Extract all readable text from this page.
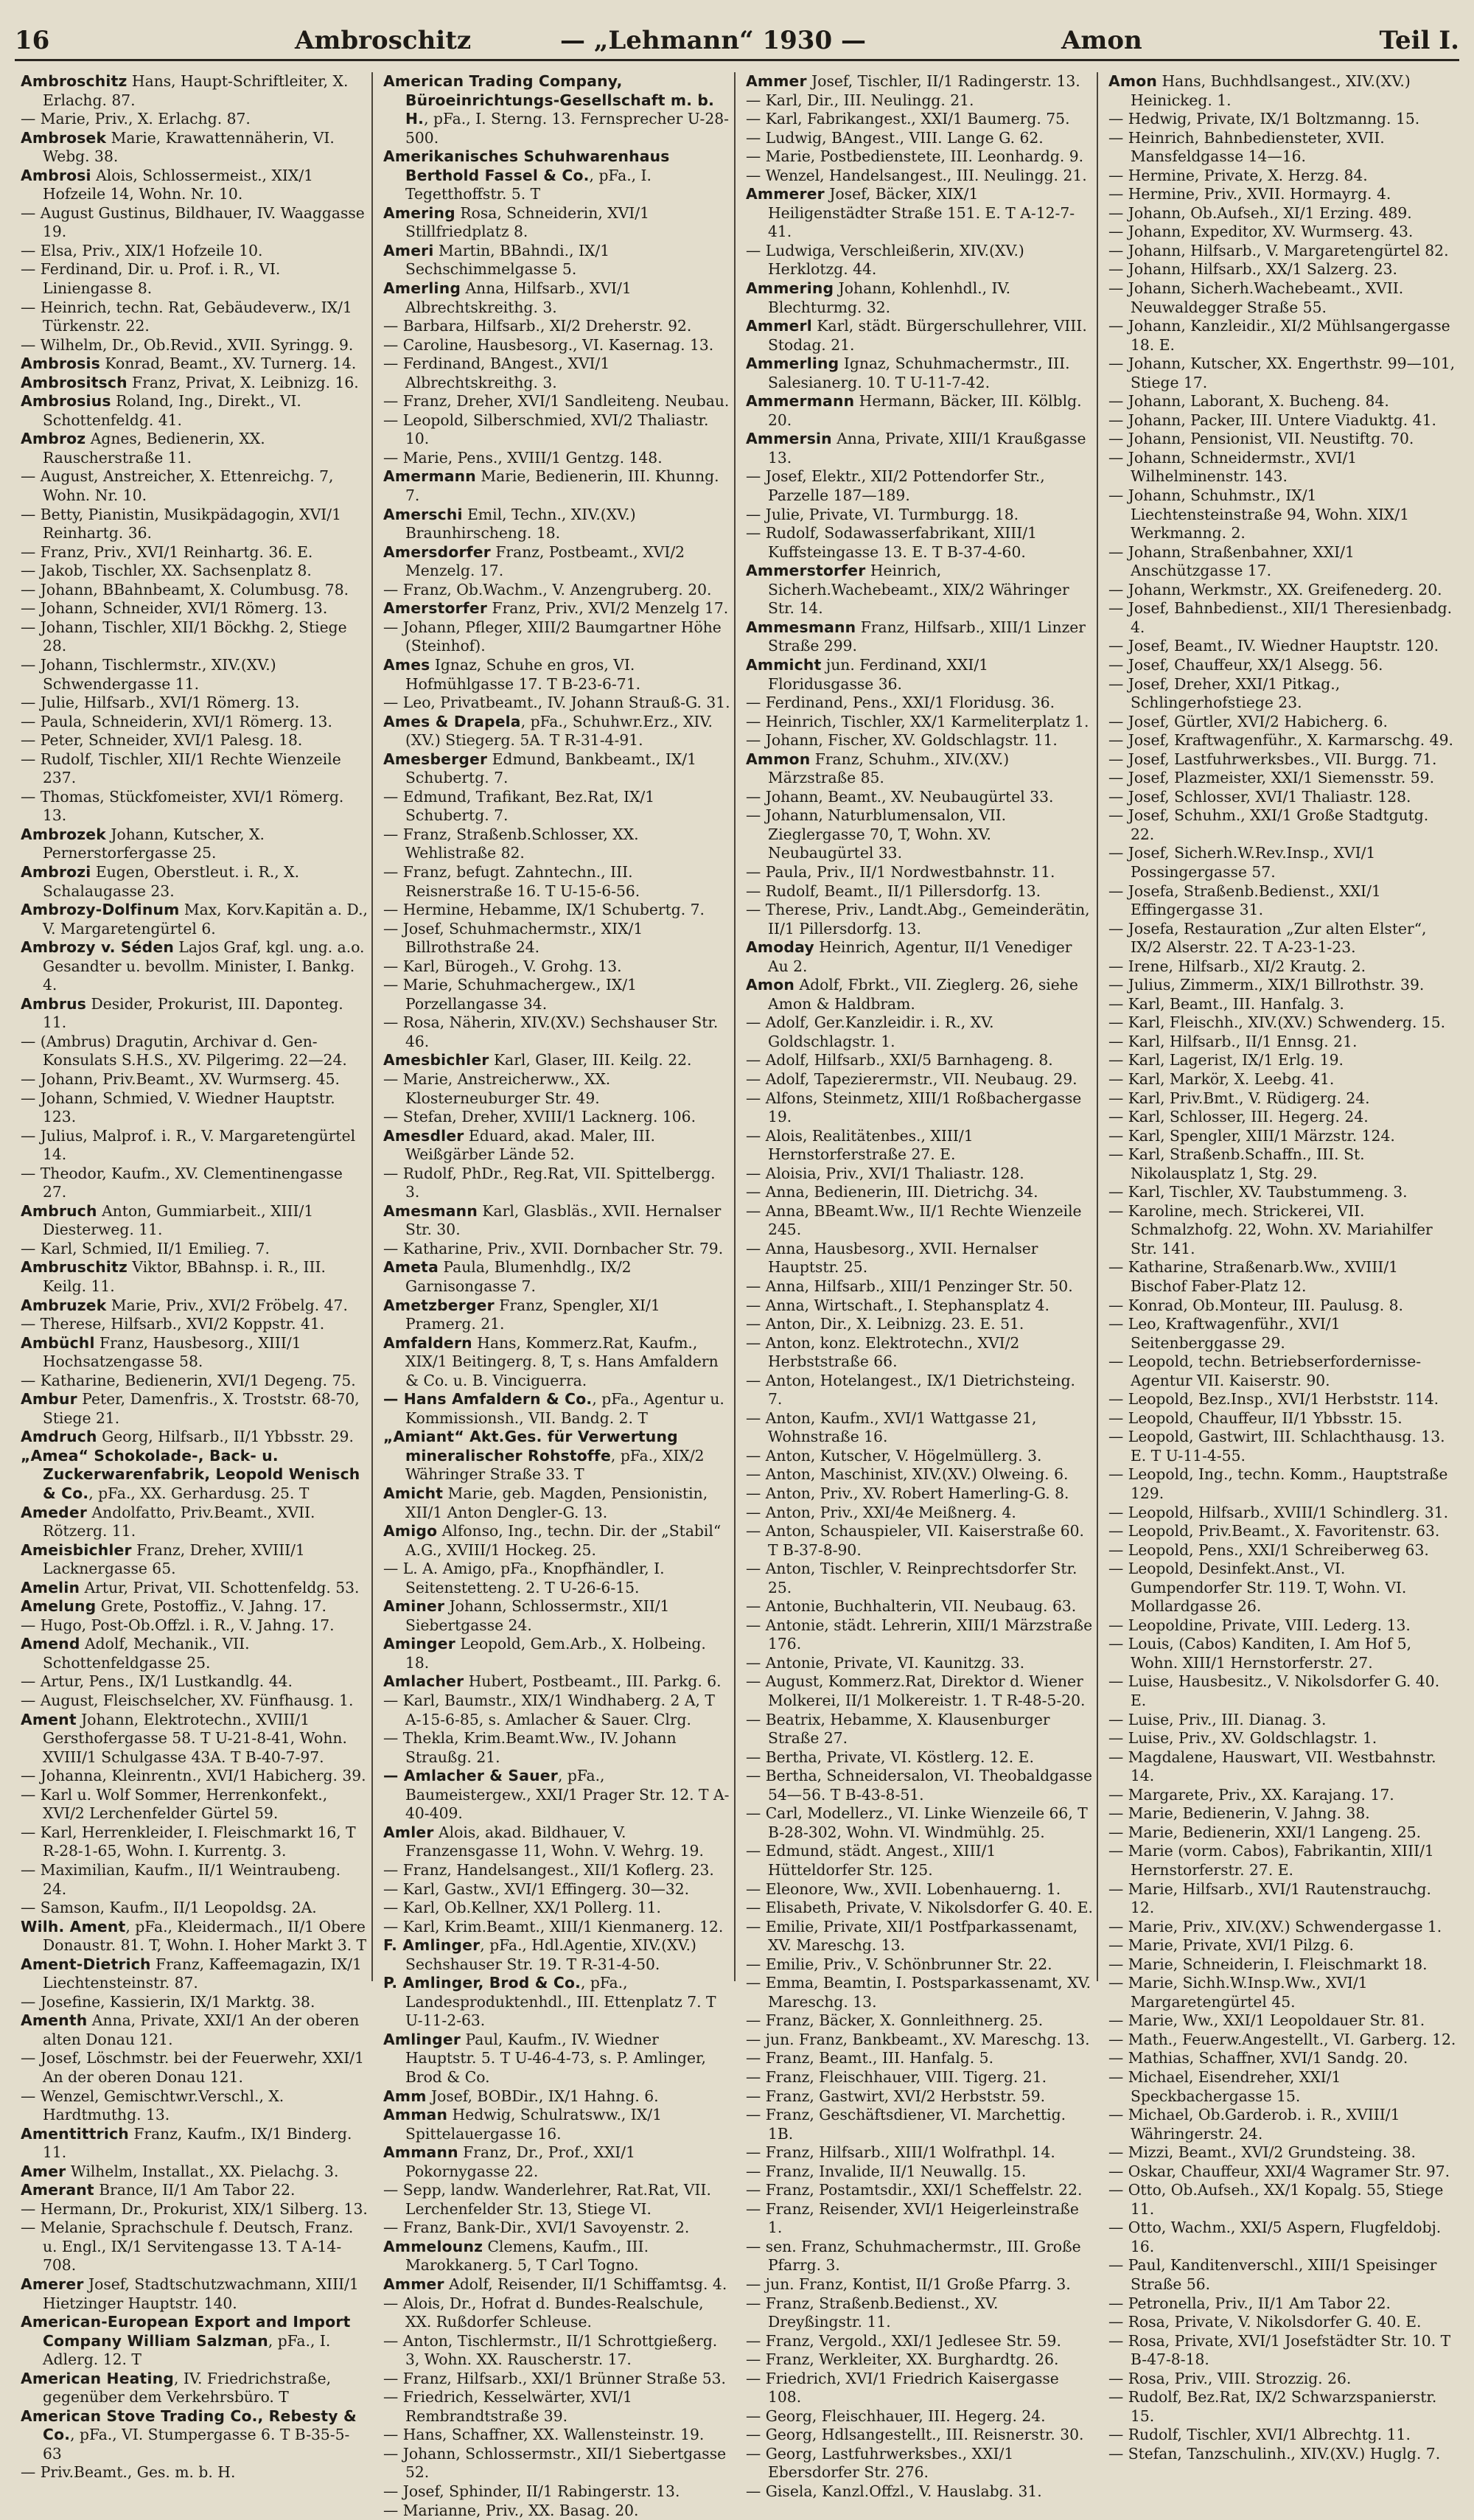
16	Ambroschitz	— „Lehmann“ 1930 —	Amon	Teil I.
Ambroschitz Hans, Haupt-Schriftleiter, X. Erlachg. 87.
— Marie, Priv., X. Erlachg. 87.
Ambrosek Marie, Krawattennäherin, VI. Webg. 38.
Ambrosi Alois, Schlossermeist., XIX/1 Hofzeile 14, Wohn. Nr. 10.
— August Gustinus, Bildhauer, IV. Waaggasse 19.
— Elsa, Priv., XIX/1 Hofzeile 10.
— Ferdinand, Dir. u. Prof. i. R., VI. Liniengasse 8.
— Heinrich, techn. Rat, Gebäudeverw., IX/1 Türkenstr. 22.
— Wilhelm, Dr., Ob.Revid., XVII. Syringg. 9.
Ambrosis Konrad, Beamt., XV. Turnerg. 14.
Ambrositsch Franz, Privat, X. Leibnizg. 16.
Ambrosius Roland, Ing., Direkt., VI. Schottenfeldg. 41.
Ambroz Agnes, Bedienerin, XX. Rauscherstraße 11.
— August, Anstreicher, X. Ettenreichg. 7, Wohn. Nr. 10.
— Betty, Pianistin, Musikpädagogin, XVI/1 Reinhartg. 36.
— Franz, Priv., XVI/1 Reinhartg. 36. E.
— Jakob, Tischler, XX. Sachsenplatz 8.
— Johann, BBahnbeamt, X. Columbusg. 78.
— Johann, Schneider, XVI/1 Römerg. 13.
— Johann, Tischler, XII/1 Böckhg. 2, Stiege 28.
— Johann, Tischlermstr., XIV.(XV.) Schwendergasse 11.
— Julie, Hilfsarb., XVI/1 Römerg. 13.
— Paula, Schneiderin, XVI/1 Römerg. 13.
— Peter, Schneider, XVI/1 Palesg. 18.
— Rudolf, Tischler, XII/1 Rechte Wienzeile 237.
— Thomas, Stückfomeister, XVI/1 Römerg. 13.
Ambrozek Johann, Kutscher, X. Pernerstorfergasse 25.
Ambrozi Eugen, Oberstleut. i. R., X. Schalaugasse 23.
Ambrozy-Dolfinum Max, Korv.Kapitän a. D., V. Margaretengürtel 6.
Ambrozy v. Séden Lajos Graf, kgl. ung. a.o. Gesandter u. bevollm. Minister, I. Bankg. 4.
Ambrus Desider, Prokurist, III. Daponteg. 11.
— (Ambrus) Dragutin, Archivar d. Gen-Konsulats S.H.S., XV. Pilgerimg. 22—24.
— Johann, Priv.Beamt., XV. Wurmserg. 45.
— Johann, Schmied, V. Wiedner Hauptstr. 123.
— Julius, Malprof. i. R., V. Margaretengürtel 14.
— Theodor, Kaufm., XV. Clementinengasse 27.
Ambruch Anton, Gummiarbeit., XIII/1 Diesterweg. 11.
— Karl, Schmied, II/1 Emilieg. 7.
Ambruschitz Viktor, BBahnsp. i. R., III. Keilg. 11.
Ambruzek Marie, Priv., XVI/2 Fröbelg. 47.
— Therese, Hilfsarb., XVI/2 Koppstr. 41.
Ambüchl Franz, Hausbesorg., XIII/1 Hochsatzengasse 58.
— Katharine, Bedienerin, XVI/1 Degeng. 75.
Ambur Peter, Damenfris., X. Troststr. 68-70, Stiege 21.
Amdruch Georg, Hilfsarb., II/1 Ybbsstr. 29.
„Amea“ Schokolade-, Back- u. Zuckerwarenfabrik, Leopold Wenisch & Co., pFa., XX. Gerhardusg. 25. T
Ameder Andolfatto, Priv.Beamt., XVII. Rötzerg. 11.
Ameisbichler Franz, Dreher, XVIII/1 Lacknergasse 65.
Amelin Artur, Privat, VII. Schottenfeldg. 53.
Amelung Grete, Postoffiz., V. Jahng. 17.
— Hugo, Post-Ob.Offzl. i. R., V. Jahng. 17.
Amend Adolf, Mechanik., VII. Schottenfeldgasse 25.
— Artur, Pens., IX/1 Lustkandlg. 44.
— August, Fleischselcher, XV. Fünfhausg. 1.
Ament Johann, Elektrotechn., XVIII/1 Gersthofergasse 58. T U-21-8-41, Wohn. XVIII/1 Schulgasse 43A. T B-40-7-97.
— Johanna, Kleinrentn., XVI/1 Habicherg. 39.
— Karl u. Wolf Sommer, Herrenkonfekt., XVI/2 Lerchenfelder Gürtel 59.
— Karl, Herrenkleider, I. Fleischmarkt 16, T R-28-1-65, Wohn. I. Kurrentg. 3.
— Maximilian, Kaufm., II/1 Weintraubeng. 24.
— Samson, Kaufm., II/1 Leopoldsg. 2A.
Wilh. Ament, pFa., Kleidermach., II/1 Obere Donaustr. 81. T, Wohn. I. Hoher Markt 3. T
Ament-Dietrich Franz, Kaffeemagazin, IX/1 Liechtensteinstr. 87.
— Josefine, Kassierin, IX/1 Marktg. 38.
Amenth Anna, Private, XXI/1 An der oberen alten Donau 121.
— Josef, Löschmstr. bei der Feuerwehr, XXI/1 An der oberen Donau 121.
— Wenzel, Gemischtwr.Verschl., X. Hardtmuthg. 13.
Amentittrich Franz, Kaufm., IX/1 Binderg. 11.
Amer Wilhelm, Installat., XX. Pielachg. 3.
Amerant Brance, II/1 Am Tabor 22.
— Hermann, Dr., Prokurist, XIX/1 Silberg. 13.
— Melanie, Sprachschule f. Deutsch, Franz. u. Engl., IX/1 Servitengasse 13. T A-14-708.
Amerer Josef, Stadtschutzwachmann, XIII/1 Hietzinger Hauptstr. 140.
American-European Export and Import Company William Salzman, pFa., I. Adlerg. 12. T
American Heating, IV. Friedrichstraße, gegenüber dem Verkehrsbüro. T
American Stove Trading Co., Rebesty & Co., pFa., VI. Stumpergasse 6. T B-35-5-63
— Priv.Beamt., Ges. m. b. H.
American Trading Company, Büroeinrichtungs-Gesellschaft m. b. H., pFa., I. Sterng. 13. Fernsprecher U-28-500.
Amerikanisches Schuhwarenhaus Berthold Fassel & Co., pFa., I. Tegetthoffstr. 5. T
Amering Rosa, Schneiderin, XVI/1 Stillfriedplatz 8.
Ameri Martin, BBahndi., IX/1 Sechschimmelgasse 5.
Amerling Anna, Hilfsarb., XVI/1 Albrechtskreithg. 3.
— Barbara, Hilfsarb., XI/2 Dreherstr. 92.
— Caroline, Hausbesorg., VI. Kasernag. 13.
— Ferdinand, BAngest., XVI/1 Albrechtskreithg. 3.
— Franz, Dreher, XVI/1 Sandleiteng. Neubau.
— Leopold, Silberschmied, XVI/2 Thaliastr. 10.
— Marie, Pens., XVIII/1 Gentzg. 148.
Amermann Marie, Bedienerin, III. Khunng. 7.
Amerschi Emil, Techn., XIV.(XV.) Braunhirscheng. 18.
Amersdorfer Franz, Postbeamt., XVI/2 Menzelg. 17.
— Franz, Ob.Wachm., V. Anzengruberg. 20.
Amerstorfer Franz, Priv., XVI/2 Menzelg 17.
— Johann, Pfleger, XIII/2 Baumgartner Höhe (Steinhof).
Ames Ignaz, Schuhe en gros, VI. Hofmühlgasse 17. T B-23-6-71.
— Leo, Privatbeamt., IV. Johann Strauß-G. 31.
Ames & Drapela, pFa., Schuhwr.Erz., XIV.(XV.) Stiegerg. 5A. T R-31-4-91.
Amesberger Edmund, Bankbeamt., IX/1 Schubertg. 7.
— Edmund, Trafikant, Bez.Rat, IX/1 Schubertg. 7.
— Franz, Straßenb.Schlosser, XX. Wehlistraße 82.
— Franz, befugt. Zahntechn., III. Reisnerstraße 16. T U-15-6-56.
— Hermine, Hebamme, IX/1 Schubertg. 7.
— Josef, Schuhmachermstr., XIX/1 Billrothstraße 24.
— Karl, Bürogeh., V. Grohg. 13.
— Marie, Schuhmachergew., IX/1 Porzellangasse 34.
— Rosa, Näherin, XIV.(XV.) Sechshauser Str. 46.
Amesbichler Karl, Glaser, III. Keilg. 22.
— Marie, Anstreicherww., XX. Klosterneuburger Str. 49.
— Stefan, Dreher, XVIII/1 Lacknerg. 106.
Amesdler Eduard, akad. Maler, III. Weißgärber Lände 52.
— Rudolf, PhDr., Reg.Rat, VII. Spittelbergg. 3.
Amesmann Karl, Glasbläs., XVII. Hernalser Str. 30.
— Katharine, Priv., XVII. Dornbacher Str. 79.
Ameta Paula, Blumenhdlg., IX/2 Garnisongasse 7.
Ametzberger Franz, Spengler, XI/1 Pramerg. 21.
Amfaldern Hans, Kommerz.Rat, Kaufm., XIX/1 Beitingerg. 8, T, s. Hans Amfaldern & Co. u. B. Vinciguerra.
— Hans Amfaldern & Co., pFa., Agentur u. Kommissionsh., VII. Bandg. 2. T
„Amiant“ Akt.Ges. für Verwertung mineralischer Rohstoffe, pFa., XIX/2 Währinger Straße 33. T
Amicht Marie, geb. Magden, Pensionistin, XII/1 Anton Dengler-G. 13.
Amigo Alfonso, Ing., techn. Dir. der „Stabil“ A.G., XVIII/1 Hockeg. 25.
— L. A. Amigo, pFa., Knopfhändler, I. Seitenstetteng. 2. T U-26-6-15.
Aminer Johann, Schlossermstr., XII/1 Siebertgasse 24.
Aminger Leopold, Gem.Arb., X. Holbeing. 18.
Amlacher Hubert, Postbeamt., III. Parkg. 6.
— Karl, Baumstr., XIX/1 Windhaberg. 2 A, T A-15-6-85, s. Amlacher & Sauer. Clrg.
— Thekla, Krim.Beamt.Ww., IV. Johann Straußg. 21.
— Amlacher & Sauer, pFa., Baumeistergew., XXI/1 Prager Str. 12. T A-40-409.
Amler Alois, akad. Bildhauer, V. Franzensgasse 11, Wohn. V. Wehrg. 19.
— Franz, Handelsangest., XII/1 Koflerg. 23.
— Karl, Gastw., XVI/1 Effingerg. 30—32.
— Karl, Ob.Kellner, XX/1 Pollerg. 11.
— Karl, Krim.Beamt., XIII/1 Kienmanerg. 12.
F. Amlinger, pFa., Hdl.Agentie, XIV.(XV.) Sechshauser Str. 19. T R-31-4-50.
P. Amlinger, Brod & Co., pFa., Landesproduktenhdl., III. Ettenplatz 7. T U-11-2-63.
Amlinger Paul, Kaufm., IV. Wiedner Hauptstr. 5. T U-46-4-73, s. P. Amlinger, Brod & Co.
Amm Josef, BOBDir., IX/1 Hahng. 6.
Amman Hedwig, Schulratsww., IX/1 Spittelauergasse 16.
Ammann Franz, Dr., Prof., XXI/1 Pokornygasse 22.
— Sepp, landw. Wanderlehrer, Rat.Rat, VII. Lerchenfelder Str. 13, Stiege VI.
— Franz, Bank-Dir., XVI/1 Savoyenstr. 2.
Ammelounz Clemens, Kaufm., III. Marokkanerg. 5, T Carl Togno.
Ammer Adolf, Reisender, II/1 Schiffamtsg. 4.
— Alois, Dr., Hofrat d. Bundes-Realschule, XX. Rußdorfer Schleuse.
— Anton, Tischlermstr., II/1 Schrottgießerg. 3, Wohn. XX. Rauscherstr. 17.
— Franz, Hilfsarb., XXI/1 Brünner Straße 53.
— Friedrich, Kesselwärter, XVI/1 Rembrandtstraße 39.
— Hans, Schaffner, XX. Wallensteinstr. 19.
— Johann, Schlossermstr., XII/1 Siebertgasse 52.
— Josef, Sphinder, II/1 Rabingerstr. 13.
— Marianne, Priv., XX. Basag. 20.
Ammer Josef, Tischler, II/1 Radingerstr. 13.
— Karl, Dir., III. Neulingg. 21.
— Karl, Fabrikangest., XXI/1 Baumerg. 75.
— Ludwig, BAngest., VIII. Lange G. 62.
— Marie, Postbedienstete, III. Leonhardg. 9.
— Wenzel, Handelsangest., III. Neulingg. 21.
Ammerer Josef, Bäcker, XIX/1 Heiligenstädter Straße 151. E. T A-12-7-41.
— Ludwiga, Verschleißerin, XIV.(XV.) Herklotzg. 44.
Ammering Johann, Kohlenhdl., IV. Blechturmg. 32.
Ammerl Karl, städt. Bürgerschullehrer, VIII. Stodag. 21.
Ammerling Ignaz, Schuhmachermstr., III. Salesianerg. 10. T U-11-7-42.
Ammermann Hermann, Bäcker, III. Kölblg. 20.
Ammersin Anna, Private, XIII/1 Kraußgasse 13.
— Josef, Elektr., XII/2 Pottendorfer Str., Parzelle 187—189.
— Julie, Private, VI. Turmburgg. 18.
— Rudolf, Sodawasserfabrikant, XIII/1 Kuffsteingasse 13. E. T B-37-4-60.
Ammerstorfer Heinrich, Sicherh.Wachebeamt., XIX/2 Währinger Str. 14.
Ammesmann Franz, Hilfsarb., XIII/1 Linzer Straße 299.
Ammicht jun. Ferdinand, XXI/1 Floridusgasse 36.
— Ferdinand, Pens., XXI/1 Floridusg. 36.
— Heinrich, Tischler, XX/1 Karmeliterplatz 1.
— Johann, Fischer, XV. Goldschlagstr. 11.
Ammon Franz, Schuhm., XIV.(XV.) Märzstraße 85.
— Johann, Beamt., XV. Neubaugürtel 33.
— Johann, Naturblumensalon, VII. Zieglergasse 70, T, Wohn. XV. Neubaugürtel 33.
— Paula, Priv., II/1 Nordwestbahnstr. 11.
— Rudolf, Beamt., II/1 Pillersdorfg. 13.
— Therese, Priv., Landt.Abg., Gemeinderätin, II/1 Pillersdorfg. 13.
Amoday Heinrich, Agentur, II/1 Venediger Au 2.
Amon Adolf, Fbrkt., VII. Zieglerg. 26, siehe Amon & Haldbram.
— Adolf, Ger.Kanzleidir. i. R., XV. Goldschlagstr. 1.
— Adolf, Hilfsarb., XXI/5 Barnhageng. 8.
— Adolf, Tapezierermstr., VII. Neubaug. 29.
— Alfons, Steinmetz, XIII/1 Roßbachergasse 19.
— Alois, Realitätenbes., XIII/1 Hernstorferstraße 27. E.
— Aloisia, Priv., XVI/1 Thaliastr. 128.
— Anna, Bedienerin, III. Dietrichg. 34.
— Anna, BBeamt.Ww., II/1 Rechte Wienzeile 245.
— Anna, Hausbesorg., XVII. Hernalser Hauptstr. 25.
— Anna, Hilfsarb., XIII/1 Penzinger Str. 50.
— Anna, Wirtschaft., I. Stephansplatz 4.
— Anton, Dir., X. Leibnizg. 23. E. 51.
— Anton, konz. Elektrotechn., XVI/2 Herbststraße 66.
— Anton, Hotelangest., IX/1 Dietrichsteing. 7.
— Anton, Kaufm., XVI/1 Wattgasse 21, Wohnstraße 16.
— Anton, Kutscher, V. Högelmüllerg. 3.
— Anton, Maschinist, XIV.(XV.) Olweing. 6.
— Anton, Priv., XV. Robert Hamerling-G. 8.
— Anton, Priv., XXI/4e Meißnerg. 4.
— Anton, Schauspieler, VII. Kaiserstraße 60. T B-37-8-90.
— Anton, Tischler, V. Reinprechtsdorfer Str. 25.
— Antonie, Buchhalterin, VII. Neubaug. 63.
— Antonie, städt. Lehrerin, XIII/1 Märzstraße 176.
— Antonie, Private, VI. Kaunitzg. 33.
— August, Kommerz.Rat, Direktor d. Wiener Molkerei, II/1 Molkereistr. 1. T R-48-5-20.
— Beatrix, Hebamme, X. Klausenburger Straße 27.
— Bertha, Private, VI. Köstlerg. 12. E.
— Bertha, Schneidersalon, VI. Theobaldgasse 54—56. T B-43-8-51.
— Carl, Modellerz., VI. Linke Wienzeile 66, T B-28-302, Wohn. VI. Windmühlg. 25.
— Edmund, städt. Angest., XIII/1 Hütteldorfer Str. 125.
— Eleonore, Ww., XVII. Lobenhauerng. 1.
— Elisabeth, Private, V. Nikolsdorfer G. 40. E.
— Emilie, Private, XII/1 Postfparkassenamt, XV. Mareschg. 13.
— Emilie, Priv., V. Schönbrunner Str. 22.
— Emma, Beamtin, I. Postsparkassenamt, XV. Mareschg. 13.
— Franz, Bäcker, X. Gonnleithnerg. 25.
— jun. Franz, Bankbeamt., XV. Mareschg. 13.
— Franz, Beamt., III. Hanfalg. 5.
— Franz, Fleischhauer, VIII. Tigerg. 21.
— Franz, Gastwirt, XVI/2 Herbststr. 59.
— Franz, Geschäftsdiener, VI. Marchettig. 1B.
— Franz, Hilfsarb., XIII/1 Wolfrathpl. 14.
— Franz, Invalide, II/1 Neuwallg. 15.
— Franz, Postamtsdir., XXI/1 Scheffelstr. 22.
— Franz, Reisender, XVI/1 Heigerleinstraße 1.
— sen. Franz, Schuhmachermstr., III. Große Pfarrg. 3.
— jun. Franz, Kontist, II/1 Große Pfarrg. 3.
— Franz, Straßenb.Bedienst., XV. Dreyßingstr. 11.
— Franz, Vergold., XXI/1 Jedlesee Str. 59.
— Franz, Werkleiter, XX. Burghardtg. 26.
— Friedrich, XVI/1 Friedrich Kaisergasse 108.
— Georg, Fleischhauer, III. Hegerg. 24.
— Georg, Hdlsangestellt., III. Reisnerstr. 30.
— Georg, Lastfuhrwerksbes., XXI/1 Ebersdorfer Str. 276.
— Gisela, Kanzl.Offzl., V. Hauslabg. 31.
Amon Hans, Buchhdlsangest., XIV.(XV.) Heinickeg. 1.
— Hedwig, Private, IX/1 Boltzmanng. 15.
— Heinrich, Bahnbediensteter, XVII. Mansfeldgasse 14—16.
— Hermine, Private, X. Herzg. 84.
— Hermine, Priv., XVII. Hormayrg. 4.
— Johann, Ob.Aufseh., XI/1 Erzing. 489.
— Johann, Expeditor, XV. Wurmserg. 43.
— Johann, Hilfsarb., V. Margaretengürtel 82.
— Johann, Hilfsarb., XX/1 Salzerg. 23.
— Johann, Sicherh.Wachebeamt., XVII. Neuwaldegger Straße 55.
— Johann, Kanzleidir., XI/2 Mühlsangergasse 18. E.
— Johann, Kutscher, XX. Engerthstr. 99—101, Stiege 17.
— Johann, Laborant, X. Bucheng. 84.
— Johann, Packer, III. Untere Viaduktg. 41.
— Johann, Pensionist, VII. Neustiftg. 70.
— Johann, Schneidermstr., XVI/1 Wilhelminenstr. 143.
— Johann, Schuhmstr., IX/1 Liechtensteinstraße 94, Wohn. XIX/1 Werkmanng. 2.
— Johann, Straßenbahner, XXI/1 Anschützgasse 17.
— Johann, Werkmstr., XX. Greifenederg. 20.
— Josef, Bahnbedienst., XII/1 Theresienbadg. 4.
— Josef, Beamt., IV. Wiedner Hauptstr. 120.
— Josef, Chauffeur, XX/1 Alsegg. 56.
— Josef, Dreher, XXI/1 Pitkag., Schlingerhofstiege 23.
— Josef, Gürtler, XVI/2 Habicherg. 6.
— Josef, Kraftwagenführ., X. Karmarschg. 49.
— Josef, Lastfuhrwerksbes., VII. Burgg. 71.
— Josef, Plazmeister, XXI/1 Siemensstr. 59.
— Josef, Schlosser, XVI/1 Thaliastr. 128.
— Josef, Schuhm., XXI/1 Große Stadtgutg. 22.
— Josef, Sicherh.W.Rev.Insp., XVI/1 Possingergasse 57.
— Josefa, Straßenb.Bedienst., XXI/1 Effingergasse 31.
— Josefa, Restauration „Zur alten Elster“, IX/2 Alserstr. 22. T A-23-1-23.
— Irene, Hilfsarb., XI/2 Krautg. 2.
— Julius, Zimmerm., XIX/1 Billrothstr. 39.
— Karl, Beamt., III. Hanfalg. 3.
— Karl, Fleischh., XIV.(XV.) Schwenderg. 15.
— Karl, Hilfsarb., II/1 Ennsg. 21.
— Karl, Lagerist, IX/1 Erlg. 19.
— Karl, Markör, X. Leebg. 41.
— Karl, Priv.Bmt., V. Rüdigerg. 24.
— Karl, Schlosser, III. Hegerg. 24.
— Karl, Spengler, XIII/1 Märzstr. 124.
— Karl, Straßenb.Schaffn., III. St. Nikolausplatz 1, Stg. 29.
— Karl, Tischler, XV. Taubstummeng. 3.
— Karoline, mech. Strickerei, VII. Schmalzhofg. 22, Wohn. XV. Mariahilfer Str. 141.
— Katharine, Straßenarb.Ww., XVIII/1 Bischof Faber-Platz 12.
— Konrad, Ob.Monteur, III. Paulusg. 8.
— Leo, Kraftwagenführ., XVI/1 Seitenberggasse 29.
— Leopold, techn. Betriebserfordernisse-Agentur VII. Kaiserstr. 90.
— Leopold, Bez.Insp., XVI/1 Herbststr. 114.
— Leopold, Chauffeur, II/1 Ybbsstr. 15.
— Leopold, Gastwirt, III. Schlachthausg. 13. E. T U-11-4-55.
— Leopold, Ing., techn. Komm., Hauptstraße 129.
— Leopold, Hilfsarb., XVIII/1 Schindlerg. 31.
— Leopold, Priv.Beamt., X. Favoritenstr. 63.
— Leopold, Pens., XXI/1 Schreiberweg 63.
— Leopold, Desinfekt.Anst., VI. Gumpendorfer Str. 119. T, Wohn. VI. Mollardgasse 26.
— Leopoldine, Private, VIII. Lederg. 13.
— Louis, (Cabos) Kanditen, I. Am Hof 5, Wohn. XIII/1 Hernstorferstr. 27.
— Luise, Hausbesitz., V. Nikolsdorfer G. 40. E.
— Luise, Priv., III. Dianag. 3.
— Luise, Priv., XV. Goldschlagstr. 1.
— Magdalene, Hauswart, VII. Westbahnstr. 14.
— Margarete, Priv., XX. Karajang. 17.
— Marie, Bedienerin, V. Jahng. 38.
— Marie, Bedienerin, XXI/1 Langeng. 25.
— Marie (vorm. Cabos), Fabrikantin, XIII/1 Hernstorferstr. 27. E.
— Marie, Hilfsarb., XVI/1 Rautenstrauchg. 12.
— Marie, Priv., XIV.(XV.) Schwendergasse 1.
— Marie, Private, XVI/1 Pilzg. 6.
— Marie, Schneiderin, I. Fleischmarkt 18.
— Marie, Sichh.W.Insp.Ww., XVI/1 Margaretengürtel 45.
— Marie, Ww., XXI/1 Leopoldauer Str. 81.
— Math., Feuerw.Angestellt., VI. Garberg. 12.
— Mathias, Schaffner, XVI/1 Sandg. 20.
— Michael, Eisendreher, XXI/1 Speckbachergasse 15.
— Michael, Ob.Garderob. i. R., XVIII/1 Währingerstr. 24.
— Mizzi, Beamt., XVI/2 Grundsteing. 38.
— Oskar, Chauffeur, XXI/4 Wagramer Str. 97.
— Otto, Ob.Aufseh., XX/1 Kopalg. 55, Stiege 11.
— Otto, Wachm., XXI/5 Aspern, Flugfeldobj. 16.
— Paul, Kanditenverschl., XIII/1 Speisinger Straße 56.
— Petronella, Priv., II/1 Am Tabor 22.
— Rosa, Private, V. Nikolsdorfer G. 40. E.
— Rosa, Private, XVI/1 Josefstädter Str. 10. T B-47-8-18.
— Rosa, Priv., VIII. Strozzig. 26.
— Rudolf, Bez.Rat, IX/2 Schwarzspanierstr. 15.
— Rudolf, Tischler, XVI/1 Albrechtg. 11.
— Stefan, Tanzschulinh., XIV.(XV.) Huglg. 7.
